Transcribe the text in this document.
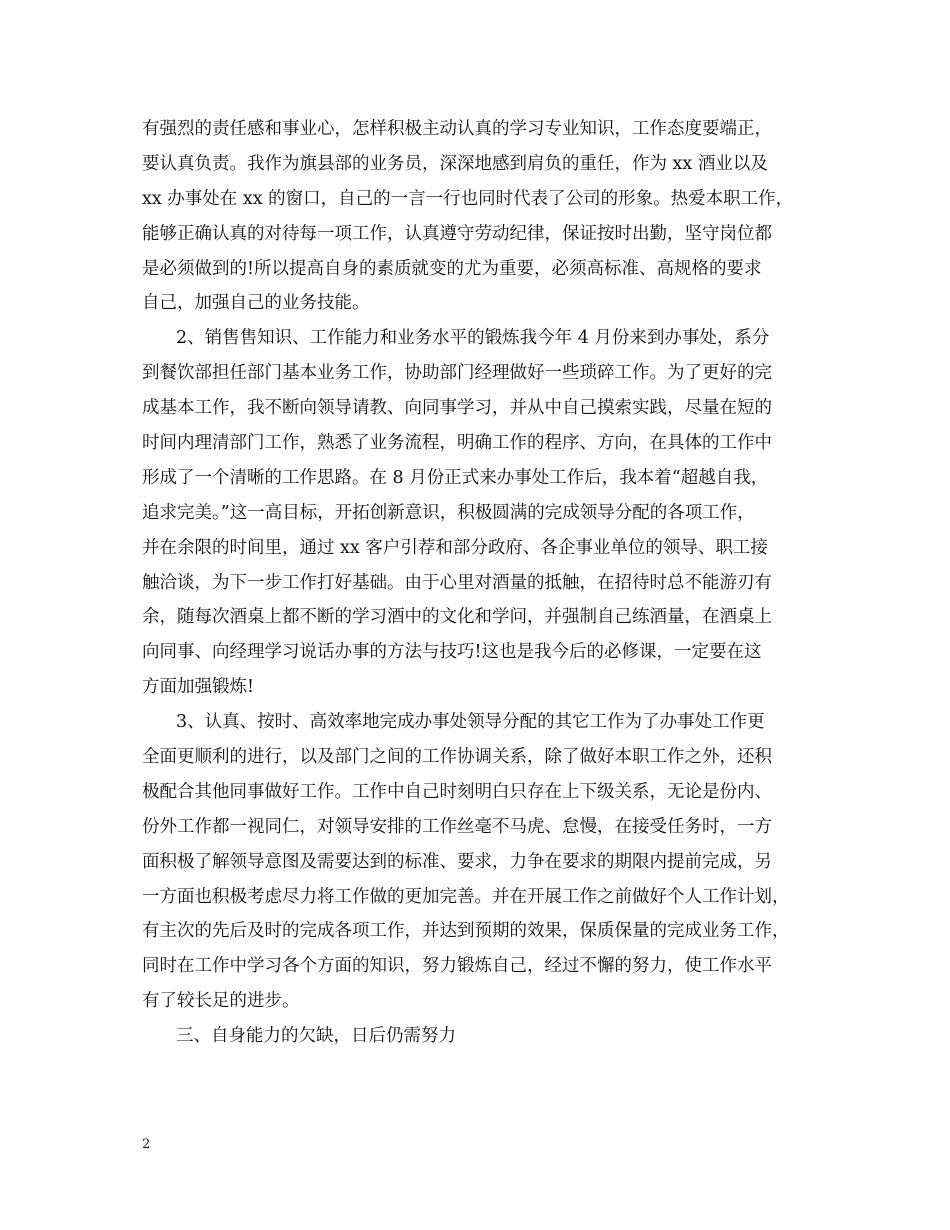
有强烈的责任感和事业心，怎样积极主动认真的学习专业知识，工作态度要端正，
要认真负责。我作为旗县部的业务员，深深地感到肩负的重任，作为 xx 酒业以及
xx 办事处在 xx 的窗口，自己的一言一行也同时代表了公司的形象。热爱本职工作，
能够正确认真的对待每一项工作，认真遵守劳动纪律，保证按时出勤，坚守岗位都
是必须做到的!所以提高自身的素质就变的尤为重要，必须高标准、高规格的要求
自己，加强自己的业务技能。
2、销售售知识、工作能力和业务水平的锻炼我今年 4 月份来到办事处，系分
到餐饮部担任部门基本业务工作，协助部门经理做好一些琐碎工作。为了更好的完
成基本工作，我不断向领导请教、向同事学习，并从中自己摸索实践，尽量在短的
时间内理清部门工作，熟悉了业务流程，明确工作的程序、方向，在具体的工作中
形成了一个清晰的工作思路。在 8 月份正式来办事处工作后，我本着“超越自我，
追求完美。”这一高目标，开拓创新意识，积极圆满的完成领导分配的各项工作，
并在余限的时间里，通过 xx 客户引荐和部分政府、各企事业单位的领导、职工接
触洽谈，为下一步工作打好基础。由于心里对酒量的抵触，在招待时总不能游刃有
余，随每次酒桌上都不断的学习酒中的文化和学问，并强制自己练酒量，在酒桌上
向同事、向经理学习说话办事的方法与技巧!这也是我今后的必修课，一定要在这
方面加强锻炼!
3、认真、按时、高效率地完成办事处领导分配的其它工作为了办事处工作更
全面更顺利的进行，以及部门之间的工作协调关系，除了做好本职工作之外，还积
极配合其他同事做好工作。工作中自己时刻明白只存在上下级关系，无论是份内、
份外工作都一视同仁，对领导安排的工作丝毫不马虎、怠慢，在接受任务时，一方
面积极了解领导意图及需要达到的标准、要求，力争在要求的期限内提前完成，另
一方面也积极考虑尽力将工作做的更加完善。并在开展工作之前做好个人工作计划，
有主次的先后及时的完成各项工作，并达到预期的效果，保质保量的完成业务工作，
同时在工作中学习各个方面的知识，努力锻炼自己，经过不懈的努力，使工作水平
有了较长足的进步。
三、自身能力的欠缺，日后仍需努力
2
